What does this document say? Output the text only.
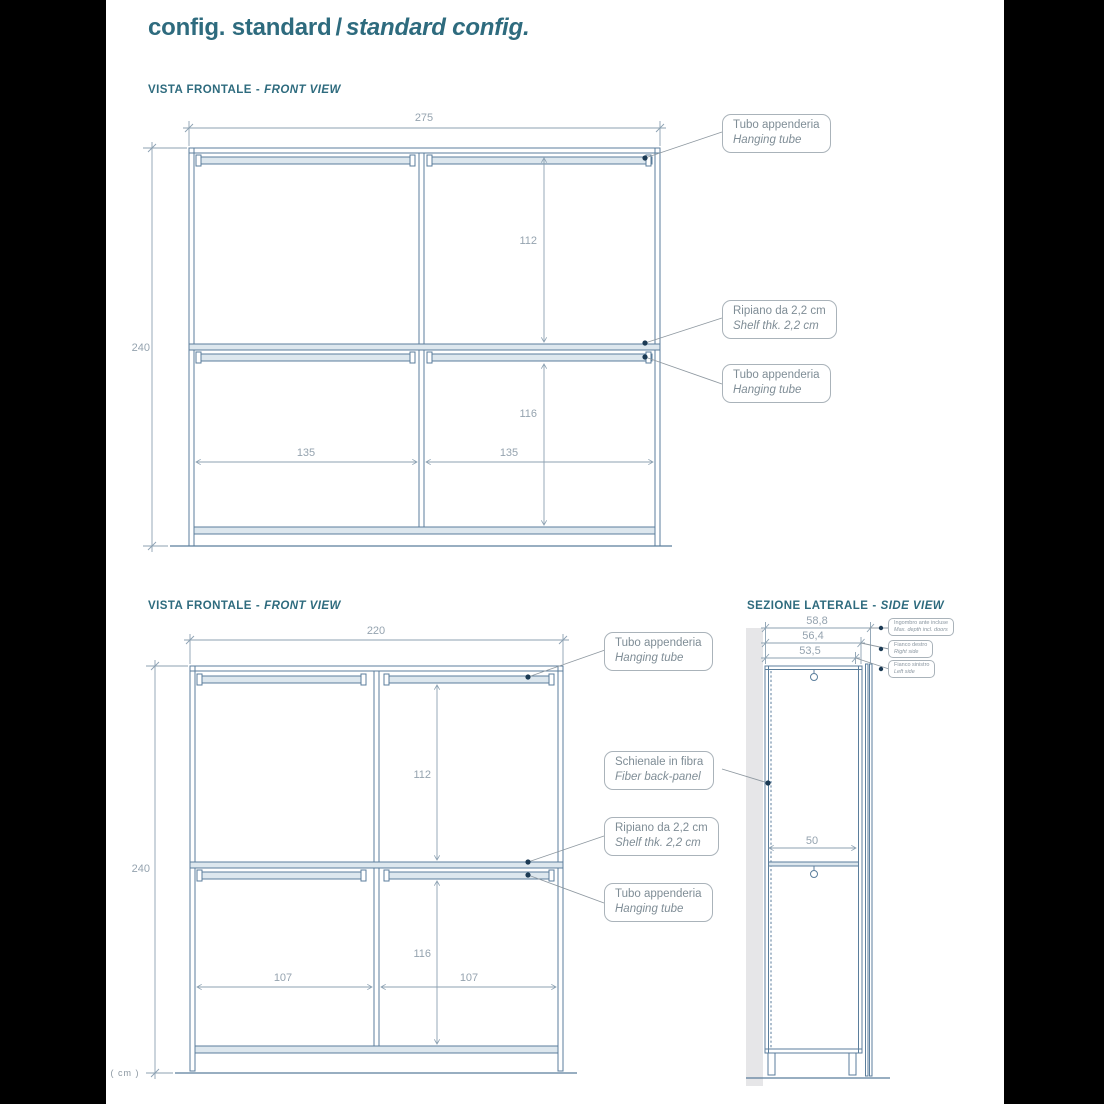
275
240
112
116
135	135
220
240
112
116
107	107
( cm )
58,8
56,4
53,5
50
config. standard / standard config.
VISTA FRONTALE - FRONT VIEW
VISTA FRONTALE - FRONT VIEW	SEZIONE LATERALE - SIDE VIEW
Tubo appenderia
Hanging tube
Ripiano da 2,2 cm
Shelf thk. 2,2 cm
Tubo appenderia
Hanging tube
Tubo appenderia
Hanging tube
Schienale in fibra
Fiber back-panel
Ripiano da 2,2 cm
Shelf thk. 2,2 cm
Tubo appenderia
Hanging tube
Ingombro ante incluse
Max. depth incl. doors
Fianco destro
Right side
Fianco sinistro
Left side
